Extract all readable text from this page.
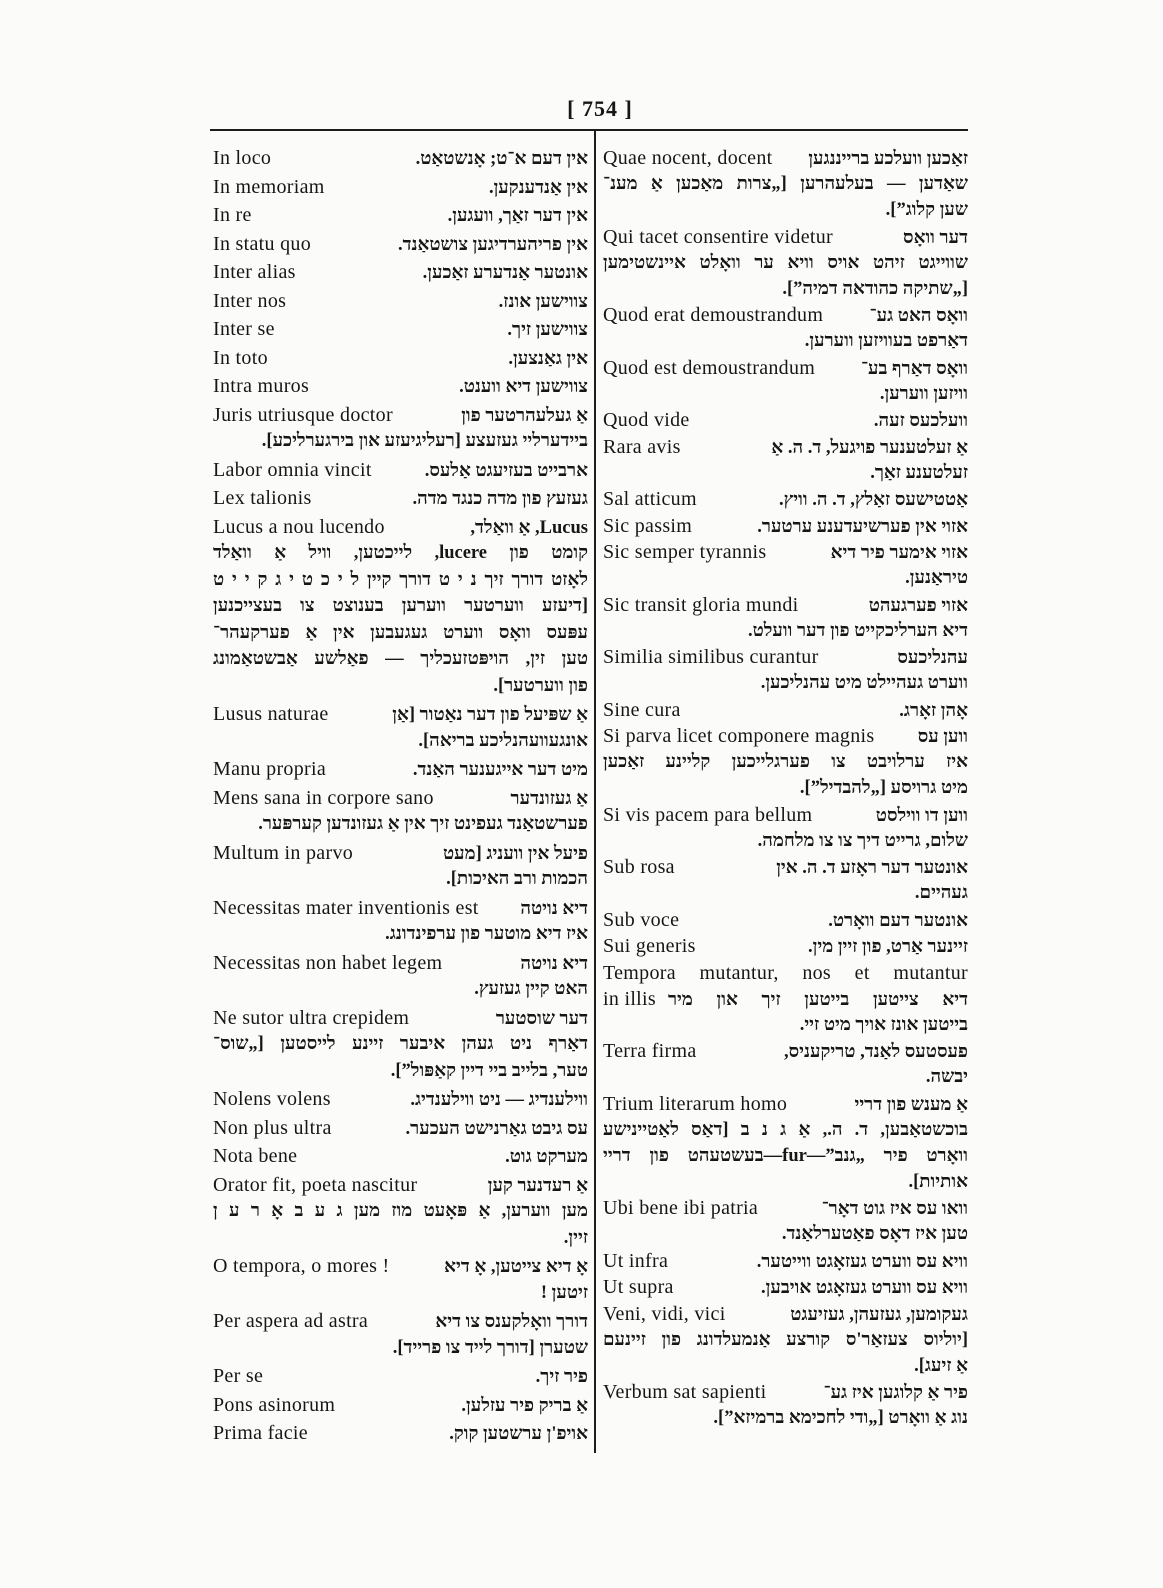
[ 754 ]
In loco	אין דעם א־ט; אָנשטאַט.
In memoriam	אין אַנדענקען.
In re	אין דער זאַך, וועגען.
In statu quo	אין פריהערדיגען צושטאַנד.
Inter alias	אונטער אַנדערע זאַכען.
Inter nos	צווישען אונז.
Inter se	צווישען זיך.
In toto	אין גאַנצען.
Intra muros	צווישען דיא ווענט.
Juris utriusque doctor	אַ געלעהרטער פון
ביידערליי געזעצע [רעליגיעזע און בירגערליכע].
Labor omnia vincit	ארבייט בעזיעגט אַלעס.
Lex talionis	געזעץ פון מדה כנגד מדה.
Lucus a nou lucendo	Lucus, אַ וואַלד,
קומט פון lucere, לייכטען, וויל אַ וואַלד
לאָזט דורך זיך נ י ט דורך קיין ל י כ ט י ג ק י י ט
[דיעזע ווערטער ווערען בענוצט צו בעצייכנען
עפּעס וואָס ווערט געגעבען אין אַ פערקעהר־
טען זין, הויפּטזעכליך — פאַלשע אַבשטאַמונג
פון ווערטער].
Lusus naturae	אַ שפּיעל פון דער נאַטור [אַן
אונגעוועהנליכע בריאה].
Manu propria	מיט דער אייגענער האַנד.
Mens sana in corpore sano	אַ געזונדער
פערשטאַנד געפינט זיך אין אַ געזונדען קערפּער.
Multum in parvo	פיעל אין וועניג [מעט
הכמות ורב האיכות].
Necessitas mater inventionis est	דיא נויטה
איז דיא מוטער פון ערפינדונג.
Necessitas non habet legem	דיא נויטה
האט קיין געזעץ.
Ne sutor ultra crepidem	דער שוסטער
דאַרף ניט געהן איבער זיינע לייסטען [„שוס־
טער, בלייב ביי דיין קאַפּול”].
Nolens volens	ווילענדיג — ניט ווילענדיג.
Non plus ultra	עס גיבט גאַרנישט העכער.
Nota bene	מערקט גוט.
Orator fit, poeta nascitur	אַ רעדנער קען
מען ווערען, אַ פּאָעט מוז מען ג ע ב אָ ר ע ן
זיין.
O tempora, o mores !	אָ דיא צייטען, אָ דיא
זיטען !
Per aspera ad astra	דורך וואָלקענס צו דיא
שטערן [דורך לייד צו פרייד].
Per se	פיר זיך.
Pons asinorum	אַ בריק פיר עזלען.
Prima facie	אויפ'ן ערשטען קוק.
Quae nocent, docent	זאַכען וועלכע ברייננגען
שאַדען — בעלעהרען [„צרות מאַכען אַ מענ־
שען קלוג”].
Qui tacet consentire videtur	דער וואָס
שווייגט זיהט אויס וויא ער וואָלט איינשטימען
[„שתיקה כהודאה דמיה”].
Quod erat demoustrandum	וואָס האט גע־
דאַרפט בעוויזען ווערען.
Quod est demoustrandum	וואָס דאַרף בע־
וויזען ווערען.
Quod vide	וועלכעס זעה.
Rara avis	אַ זעלטענער פויגעל, ד. ה. אַ
זעלטענע זאַך.
Sal atticum	אַטטישעס זאַלץ, ד. ה. וויץ.
Sic passim	אזוי אין פערשיעדענע ערטער.
Sic semper tyrannis	אזוי אימער פיר דיא
טיראַנען.
Sic transit gloria mundi	אזוי פערגעהט
דיא הערליכקייט פון דער וועלט.
Similia similibus curantur	עהנליכעס
ווערט געהיילט מיט עהנליכען.
Sine cura	אָהן זאָרג.
Si parva licet componere magnis	ווען עס
איז ערלויבט צו פערגלייכען קליינע זאַכען
מיט גרויסע [„להבדיל”].
Si vis pacem para bellum	ווען דו ווילסט
שלום, גרייט דיך צו צו מלחמה.
Sub rosa	אונטער דער ראָזע ד. ה. אין
געהיים.
Sub voce	אונטער דעם וואָרט.
Sui generis	זיינער אַרט, פון זיין מין.
Tempora mutantur, nos et mutantur
in illis דיא צייטען בייטען זיך און מיר
בייטען אונז אויך מיט זיי.
Terra firma	פעסטעס לאַנד, טריקעניס,
יבשה.
Trium literarum homo	אַ מענש פון דריי
בוכשטאַבען, ד. ה., אַ ג נ ב [דאַס לאַטיינישע
וואָרט פיר „גנב”—fur—בעשטעהט פון דריי
אותיות].
Ubi bene ibi patria	וואו עס איז גוט דאָר־
טען איז דאָס פאַטערלאַנד.
Ut infra	וויא עס ווערט געזאָגט ווייטער.
Ut supra	וויא עס ווערט געזאָגט אויבען.
Veni, vidi, vici	געקומען, געזעהן, געזיעגט
[יוליוס צעזאַר'ס קורצע אַנמעלדונג פון זיינעם
אַ זיעג].
Verbum sat sapienti	פיר אַ קלוגען איז גע־
נוג אַ וואָרט [„ודי לחכימא ברמיזא”].
